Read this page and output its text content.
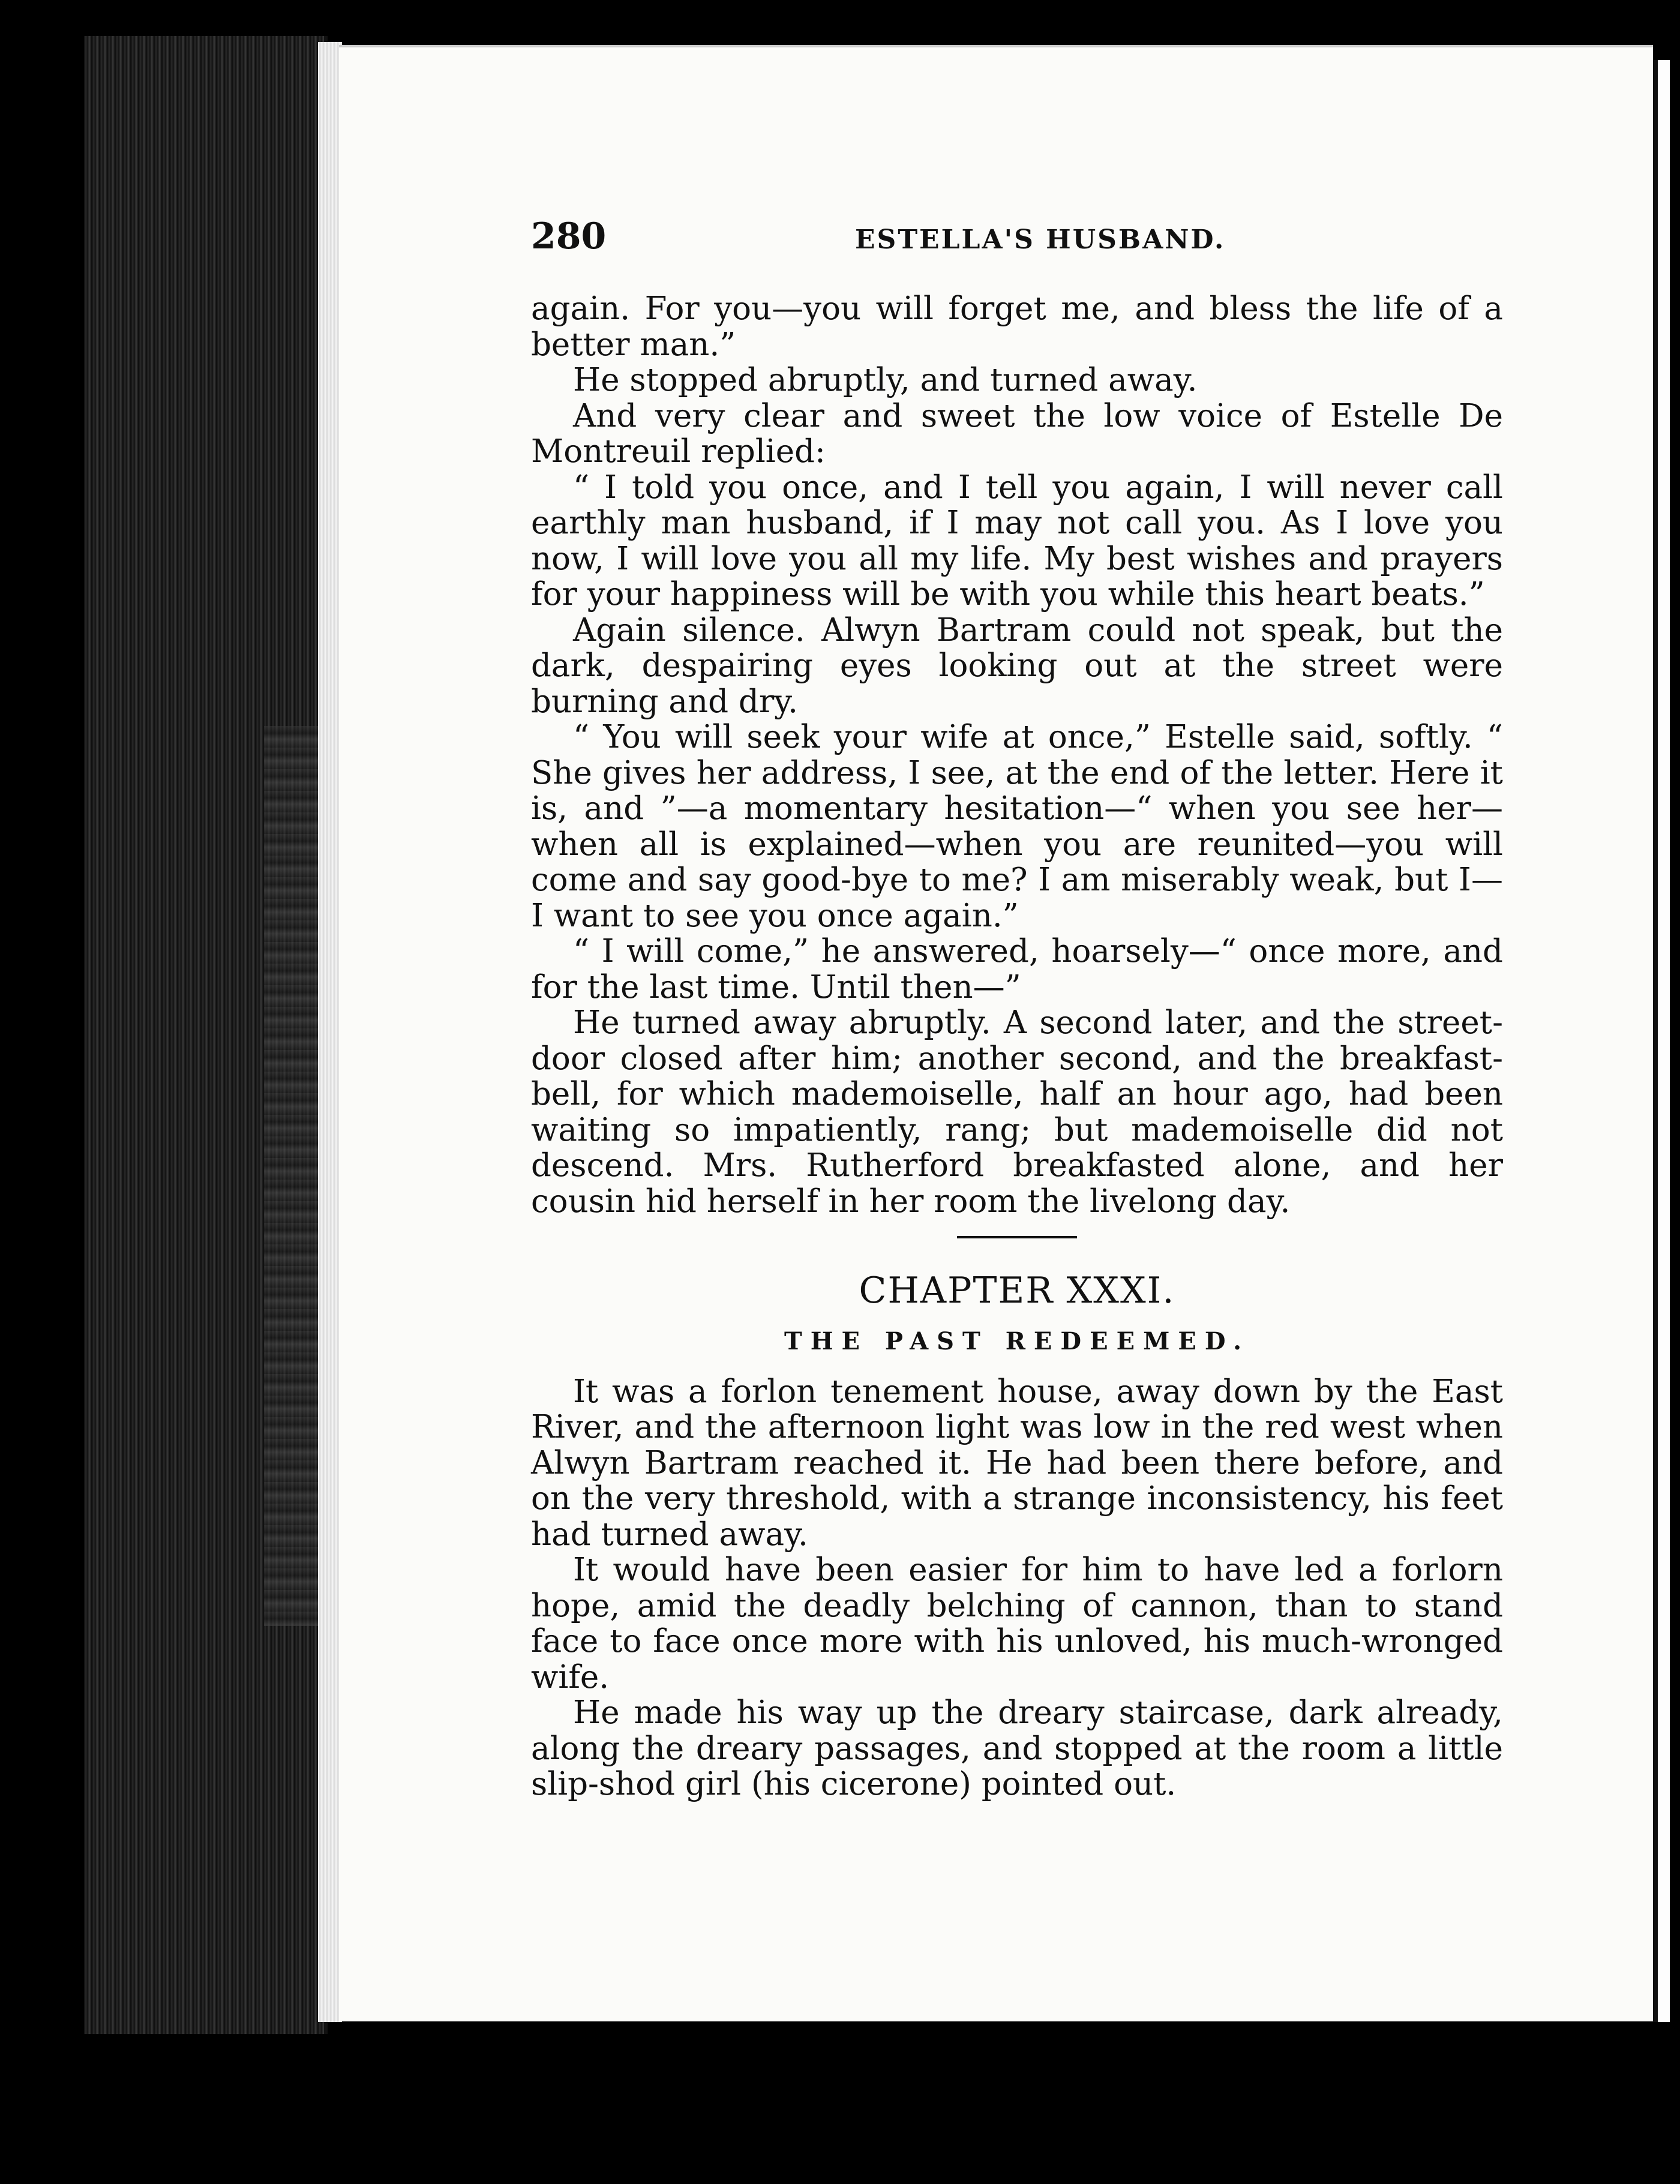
280	ESTELLA'S HUSBAND.

again. For you—you will forget me, and bless the life of a better man.”

He stopped abruptly, and turned away.

And very clear and sweet the low voice of Estelle De Montreuil replied:

“ I told you once, and I tell you again, I will never call earthly man husband, if I may not call you. As I love you now, I will love you all my life. My best wishes and prayers for your happiness will be with you while this heart beats.”

Again silence. Alwyn Bartram could not speak, but the dark, despairing eyes looking out at the street were burning and dry.

“ You will seek your wife at once,” Estelle said, softly. “ She gives her address, I see, at the end of the letter. Here it is, and ”—a momentary hesitation—“ when you see her—when all is explained—when you are reunited—you will come and say good-bye to me? I am miserably weak, but I—I want to see you once again.”

“ I will come,” he answered, hoarsely—“ once more, and for the last time. Until then—”

He turned away abruptly. A second later, and the street-door closed after him; another second, and the breakfast-bell, for which mademoiselle, half an hour ago, had been waiting so impatiently, rang; but mademoiselle did not descend. Mrs. Rutherford breakfasted alone, and her cousin hid herself in her room the livelong day.

CHAPTER XXXI.
THE PAST REDEEMED.

It was a forlon tenement house, away down by the East River, and the afternoon light was low in the red west when Alwyn Bartram reached it. He had been there before, and on the very threshold, with a strange inconsistency, his feet had turned away.

It would have been easier for him to have led a forlorn hope, amid the deadly belching of cannon, than to stand face to face once more with his unloved, his much-wronged wife.

He made his way up the dreary staircase, dark already, along the dreary passages, and stopped at the room a little slip-shod girl (his cicerone) pointed out.
